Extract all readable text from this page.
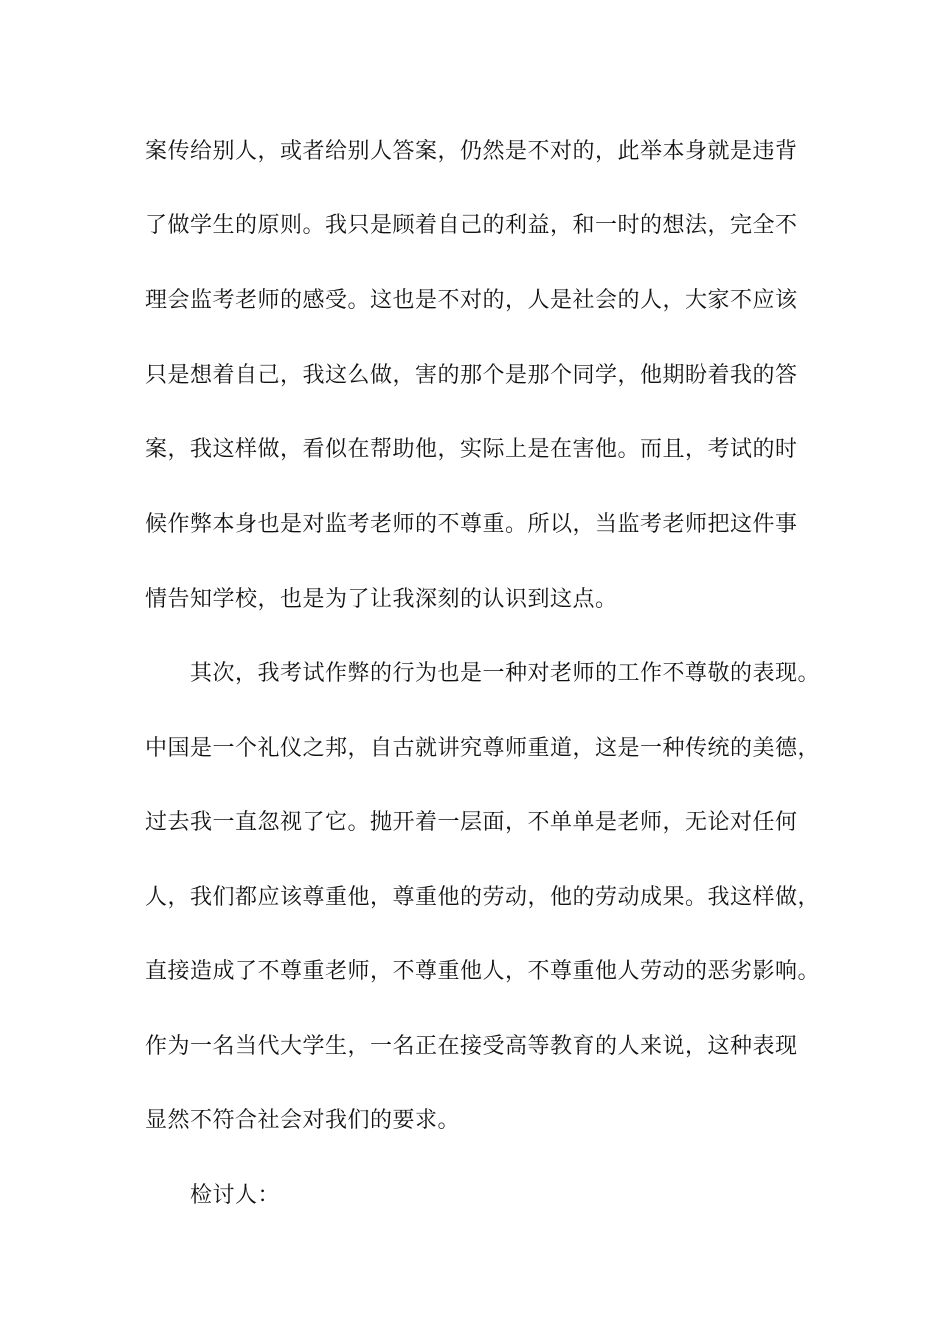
案传给别人，或者给别人答案，仍然是不对的，此举本身就是违背
了做学生的原则。我只是顾着自己的利益，和一时的想法，完全不
理会监考老师的感受。这也是不对的，人是社会的人，大家不应该
只是想着自己，我这么做，害的那个是那个同学，他期盼着我的答
案，我这样做，看似在帮助他，实际上是在害他。而且，考试的时
候作弊本身也是对监考老师的不尊重。所以，当监考老师把这件事
情告知学校，也是为了让我深刻的认识到这点。
其次，我考试作弊的行为也是一种对老师的工作不尊敬的表现。
中国是一个礼仪之邦，自古就讲究尊师重道，这是一种传统的美德，
过去我一直忽视了它。抛开着一层面，不单单是老师，无论对任何
人，我们都应该尊重他，尊重他的劳动，他的劳动成果。我这样做，
直接造成了不尊重老师，不尊重他人，不尊重他人劳动的恶劣影响。
作为一名当代大学生，一名正在接受高等教育的人来说，这种表现
显然不符合社会对我们的要求。
检讨人：
